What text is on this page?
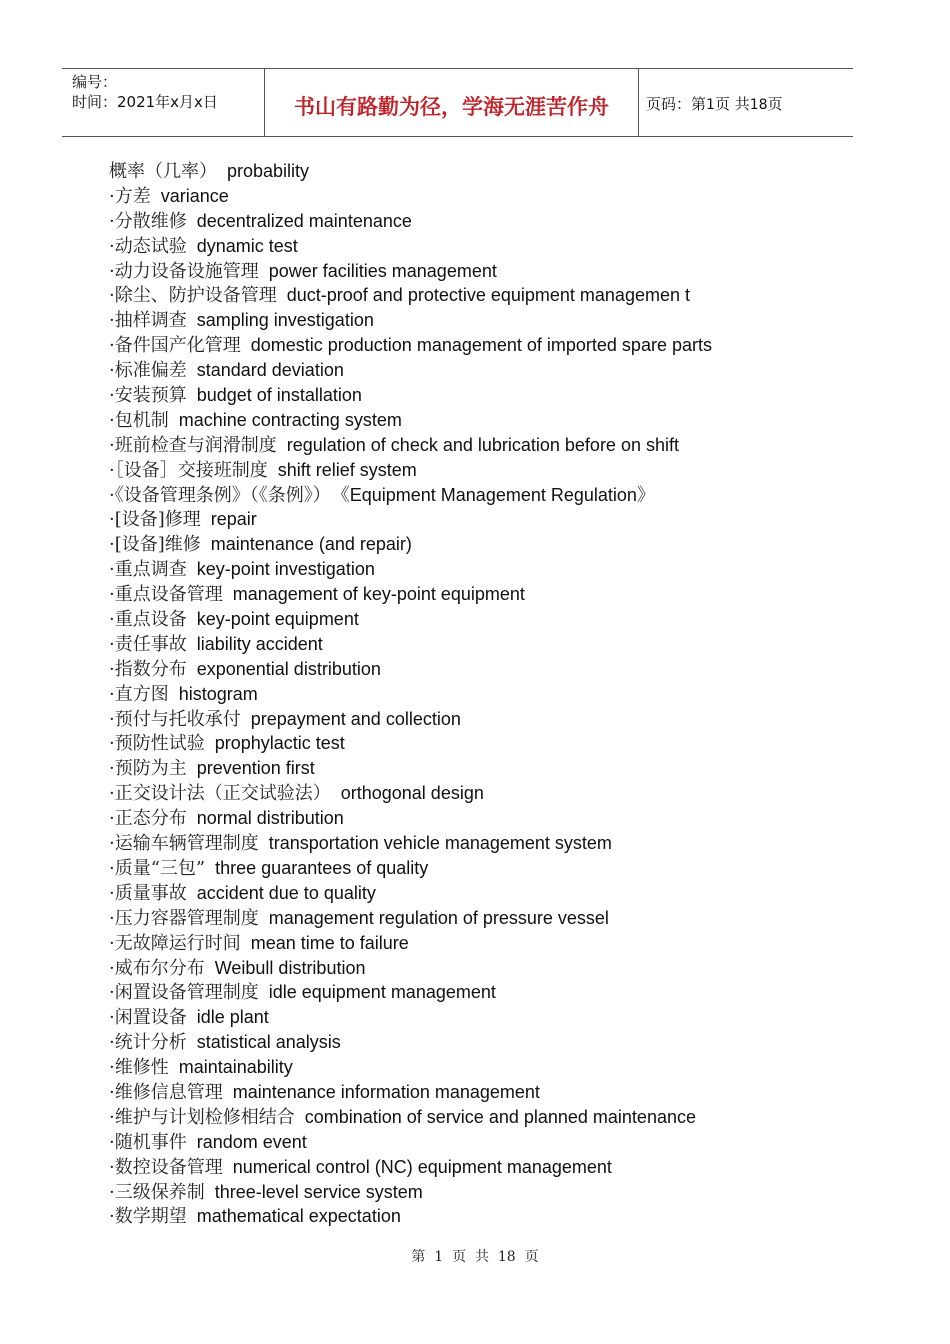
编号：
时间：2021年x月x日	书山有路勤为径，学海无涯苦作舟	页码：第1页 共18页
概率（几率） probability
·方差 variance
·分散维修 decentralized maintenance
·动态试验 dynamic test
·动力设备设施管理 power facilities management
·除尘、防护设备管理 duct-proof and protective equipment managemen t
·抽样调查 sampling investigation
·备件国产化管理 domestic production management of imported spare parts
·标准偏差 standard deviation
·安装预算 budget of installation
·包机制 machine contracting system
·班前检查与润滑制度 regulation of check and lubrication before on shift
·［设备］交接班制度 shift relief system
·《设备管理条例》（《条例》） 《Equipment Management Regulation》
·[设备]修理 repair
·[设备]维修 maintenance (and repair)
·重点调查 key-point investigation
·重点设备管理 management of key-point equipment
·重点设备 key-point equipment
·责任事故 liability accident
·指数分布 exponential distribution
·直方图 histogram
·预付与托收承付 prepayment and collection
·预防性试验 prophylactic test
·预防为主 prevention first
·正交设计法（正交试验法） orthogonal design
·正态分布 normal distribution
·运输车辆管理制度 transportation vehicle management system
·质量“三包” three guarantees of quality
·质量事故 accident due to quality
·压力容器管理制度 management regulation of pressure vessel
·无故障运行时间 mean time to failure
·威布尔分布 Weibull distribution
·闲置设备管理制度 idle equipment management
·闲置设备 idle plant
·统计分析 statistical analysis
·维修性 maintainability
·维修信息管理 maintenance information management
·维护与计划检修相结合 combination of service and planned maintenance
·随机事件 random event
·数控设备管理 numerical control (NC) equipment management
·三级保养制 three-level service system
·数学期望 mathematical expectation
第  1  页  共  18  页
